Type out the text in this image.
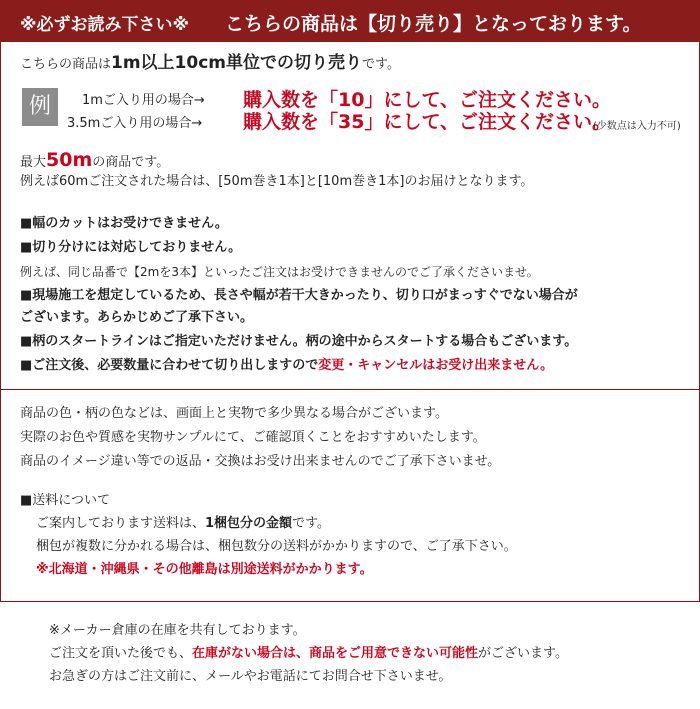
※必ずお読み下さい※ こちらの商品は【切り売り】となっております。
こちらの商品は1m以上10cm単位での切り売りです。
例	1mご入り用の場合→ 購入数を「10」にして、ご注文ください。
3.5mご入り用の場合→ 購入数を「35」にして、ご注文ください。
(少数点は入力不可)
最大50mの商品です。
例えば60mご注文された場合は、[50m巻き1本]と[10m巻き1本]のお届けとなります。
■幅のカットはお受けできません。
■切り分けには対応しておりません。
例えば、同じ品番で【2mを3本】といったご注文はお受けできませんのでご了承くださいませ。
■現場施工を想定しているため、長さや幅が若干大きかったり、切り口がまっすぐでない場合が
ございます。あらかじめご了承下さい。
■柄のスタートラインはご指定いただけません。柄の途中からスタートする場合もございます。
■ご注文後、必要数量に合わせて切り出しますので変更・キャンセルはお受け出来ません。
商品の色・柄の色などは、画面上と実物で多少異なる場合がございます。
実際のお色や質感を実物サンプルにて、ご確認頂くことをおすすめいたします。
商品のイメージ違い等での返品・交換はお受け出来ませんのでご了承下さいませ。
■送料について
ご案内しております送料は、1梱包分の金額です。
梱包が複数に分かれる場合は、梱包数分の送料がかかりますので、ご了承下さい。
※北海道・沖縄県・その他離島は別途送料がかかります。
※メーカー倉庫の在庫を共有しております。
ご注文を頂いた後でも、在庫がない場合は、商品をご用意できない可能性がございます。
お急ぎの方はご注文前に、メールやお電話にてお問合せ下さいませ。
